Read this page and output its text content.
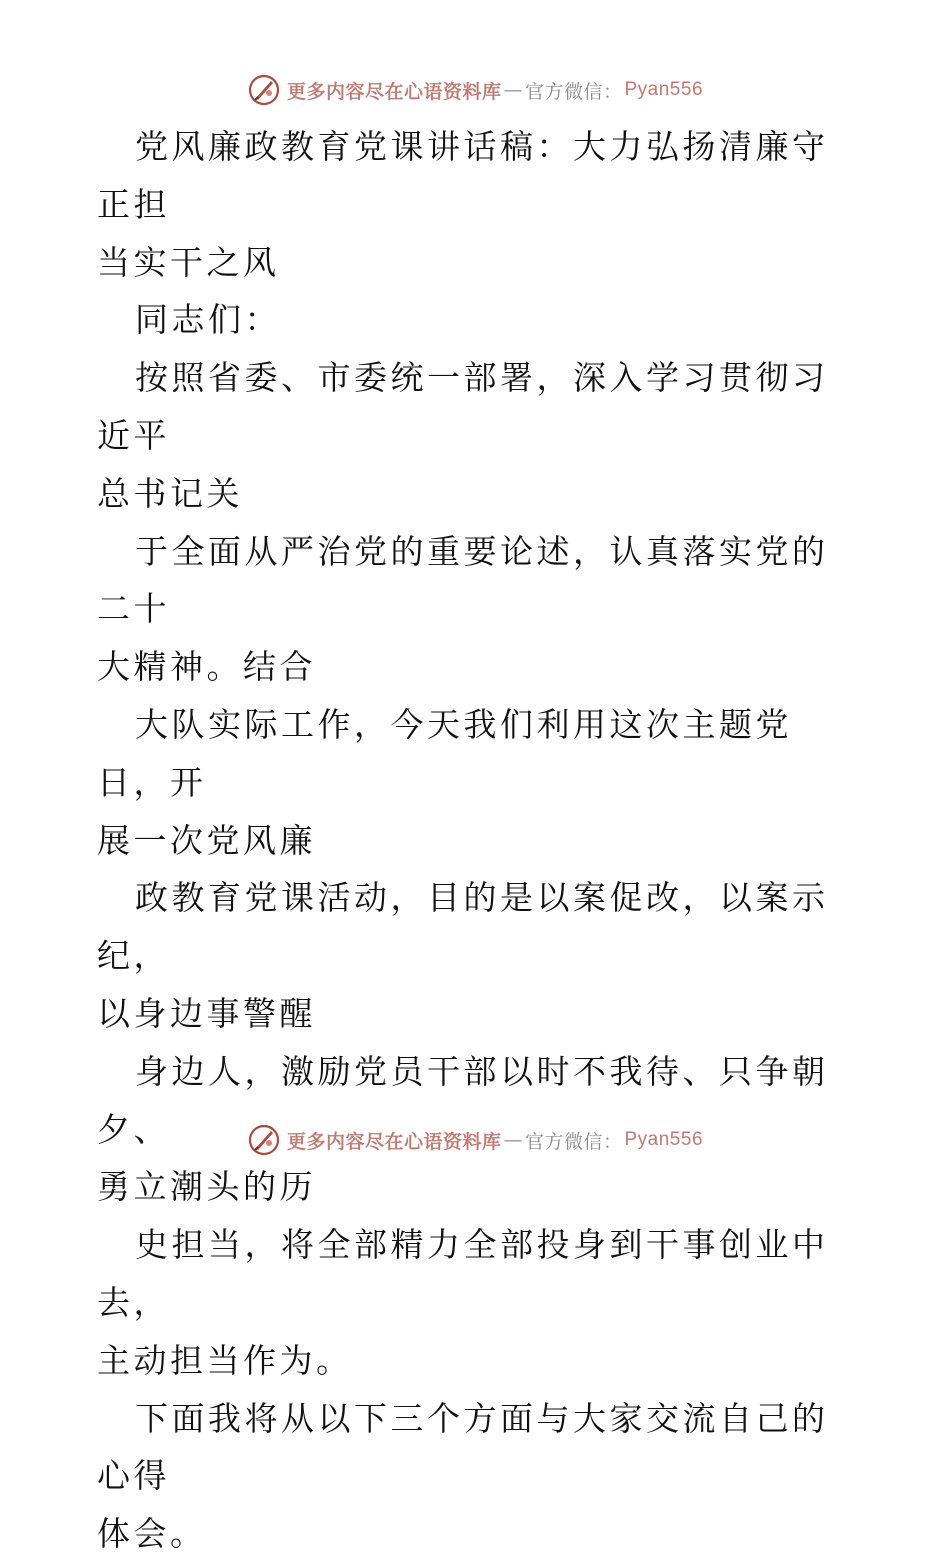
更多内容尽在心语资料库 — 官方微信： Pyan556

党风廉政教育党课讲话稿：大力弘扬清廉守正担
当实干之风

同志们：

按照省委、市委统一部署，深入学习贯彻习近平
总书记关

于全面从严治党的重要论述，认真落实党的二十
大精神。结合

大队实际工作，今天我们利用这次主题党日，开
展一次党风廉

政教育党课活动，目的是以案促改，以案示纪，
以身边事警醒

身边人，激励党员干部以时不我待、只争朝夕、
勇立潮头的历

史担当，将全部精力全部投身到干事创业中去，
主动担当作为。

下面我将从以下三个方面与大家交流自己的心得
体会。

更多内容尽在心语资料库 — 官方微信： Pyan556
